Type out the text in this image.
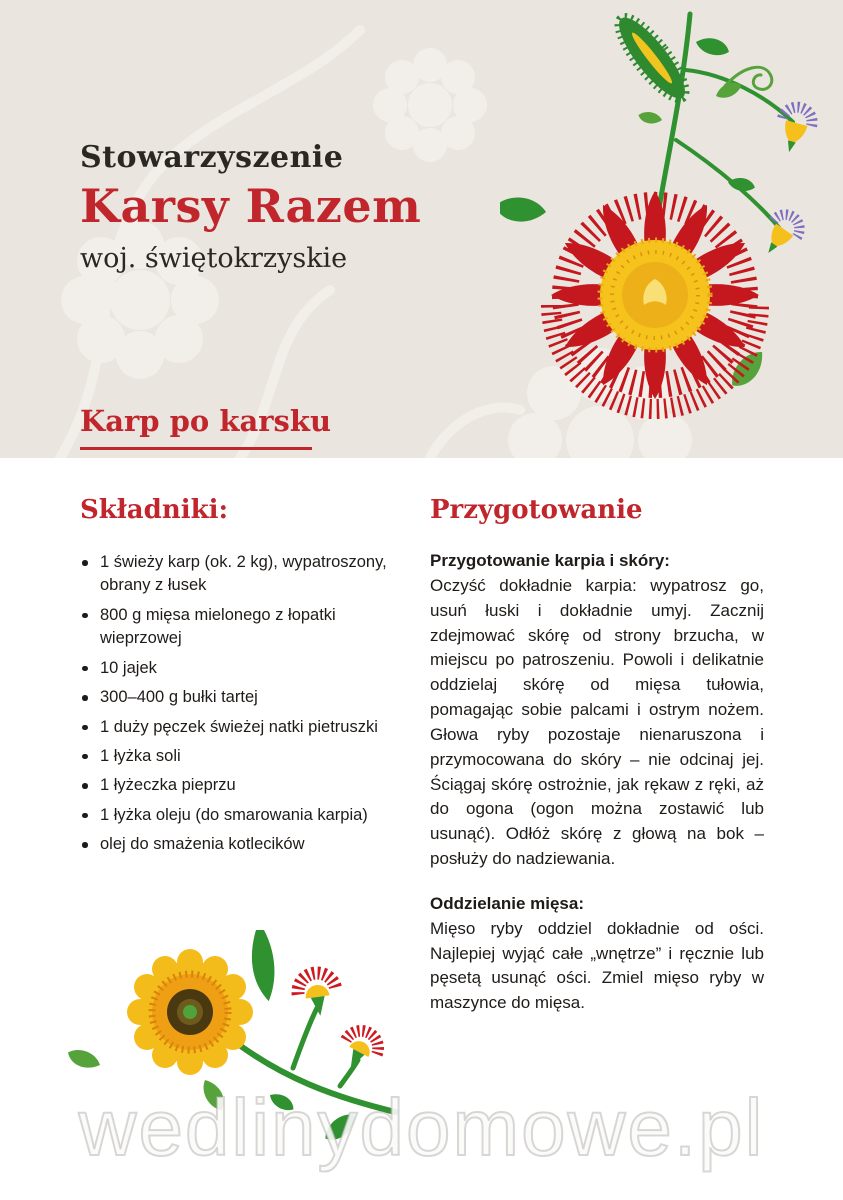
Stowarzyszenie
Karsy Razem
woj. świętokrzyskie
Karp po karsku
Składniki:
1 świeży karp (ok. 2 kg), wypatroszony, obrany z łusek
800 g mięsa mielonego z łopatki wieprzowej
10 jajek
300–400 g bułki tartej
1 duży pęczek świeżej natki pietruszki
1 łyżka soli
1 łyżeczka pieprzu
1 łyżka oleju (do smarowania karpia)
olej do smażenia kotlecików
Przygotowanie
Przygotowanie karpia i skóry:

Oczyść dokładnie karpia: wypatrosz go, usuń łuski i dokładnie umyj. Zacznij zdejmować skórę od strony brzucha, w miejscu po patroszeniu. Powoli i delikatnie oddzielaj skórę od mięsa tułowia, pomagając sobie palcami i ostrym nożem. Głowa ryby pozostaje nienaruszona i przymocowana do skóry – nie odcinaj jej. Ściągaj skórę ostrożnie, jak rękaw z ręki, aż do ogona (ogon można zostawić lub usunąć). Odłóż skórę z głową na bok – posłuży do nadziewania.

Oddzielanie mięsa:

Mięso ryby oddziel dokładnie od ości. Najlepiej wyjąć całe „wnętrze” i ręcznie lub pęsetą usunąć ości. Zmiel mięso ryby w maszynce do mięsa.

wedlinydomowe.pl
